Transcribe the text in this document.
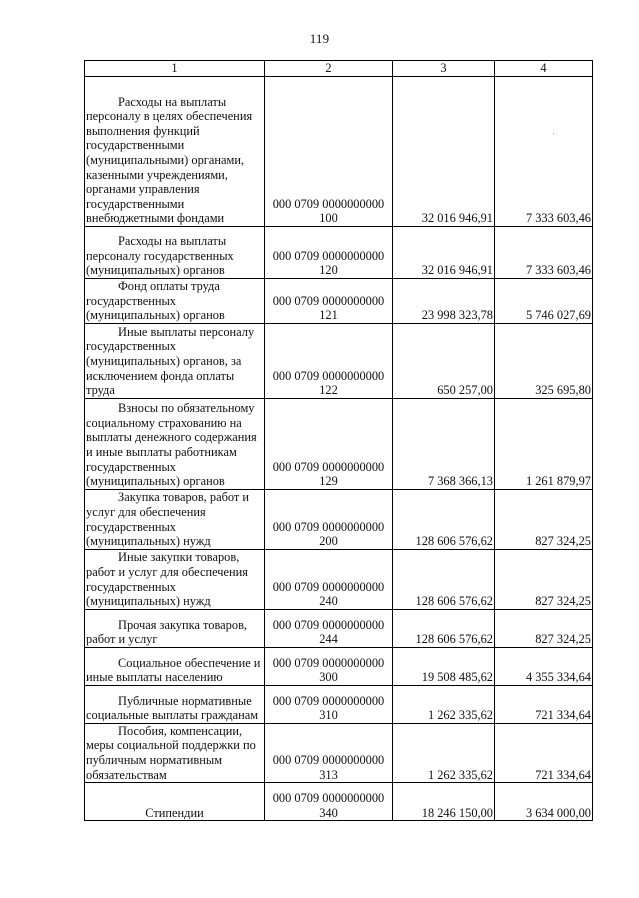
119
1	2	3	4

Расходы на выплаты персоналу в целях обеспечения выполнения функций государственными (муниципальными) органами, казенными учреждениями, органами управления государственными внебюджетными фондами	000 0709 0000000000 100	32 016 946,91	7 333 603,46

Расходы на выплаты персоналу государственных (муниципальных) органов	000 0709 0000000000 120	32 016 946,91	7 333 603,46

Фонд оплаты труда государственных (муниципальных) органов	000 0709 0000000000 121	23 998 323,78	5 746 027,69

Иные выплаты персоналу государственных (муниципальных) органов, за исключением фонда оплаты труда	000 0709 0000000000 122	650 257,00	325 695,80

Взносы по обязательному социальному страхованию на выплаты денежного содержания и иные выплаты работникам государственных (муниципальных) органов	000 0709 0000000000 129	7 368 366,13	1 261 879,97

Закупка товаров, работ и услуг для обеспечения государственных (муниципальных) нужд	000 0709 0000000000 200	128 606 576,62	827 324,25

Иные закупки товаров, работ и услуг для обеспечения государственных (муниципальных) нужд	000 0709 0000000000 240	128 606 576,62	827 324,25

Прочая закупка товаров, работ и услуг	000 0709 0000000000 244	128 606 576,62	827 324,25

Социальное обеспечение и иные выплаты населению	000 0709 0000000000 300	19 508 485,62	4 355 334,64

Публичные нормативные социальные выплаты гражданам	000 0709 0000000000 310	1 262 335,62	721 334,64

Пособия, компенсации, меры социальной поддержки по публичным нормативным обязательствам	000 0709 0000000000 313	1 262 335,62	721 334,64

Стипендии	000 0709 0000000000 340	18 246 150,00	3 634 000,00
